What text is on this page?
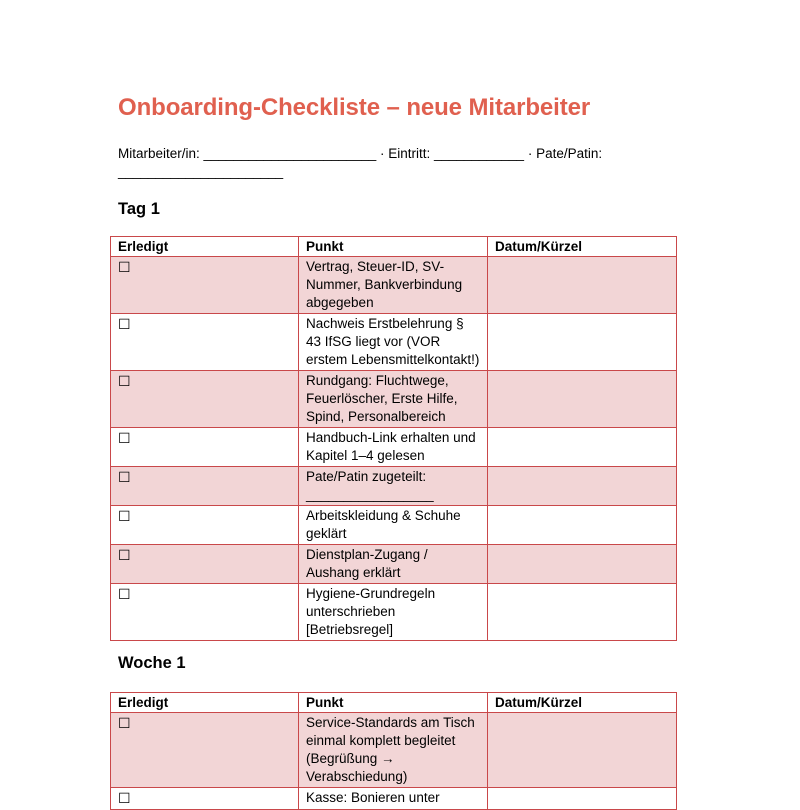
Onboarding-Checkliste – neue Mitarbeiter
Mitarbeiter/in: _______________________ · Eintritt: ____________ · Pate/Patin: ______________________
Tag 1
Erledigt	Punkt	Datum/Kürzel
☐	Vertrag, Steuer-ID, SV-Nummer, Bankverbindung abgegeben	
☐	Nachweis Erstbelehrung § 43 IfSG liegt vor (VOR erstem Lebensmittelkontakt!)	
☐	Rundgang: Fluchtwege, Feuerlöscher, Erste Hilfe, Spind, Personalbereich	
☐	Handbuch-Link erhalten und Kapitel 1–4 gelesen	
☐	Pate/Patin zugeteilt: _________________	
☐	Arbeitskleidung & Schuhe geklärt	
☐	Dienstplan-Zugang / Aushang erklärt	
☐	Hygiene-Grundregeln unterschrieben [Betriebsregel]	
Woche 1
Erledigt	Punkt	Datum/Kürzel
☐	Service-Standards am Tisch einmal komplett begleitet (Begrüßung → Verabschiedung)	
☐	Kasse: Bonieren unter	
